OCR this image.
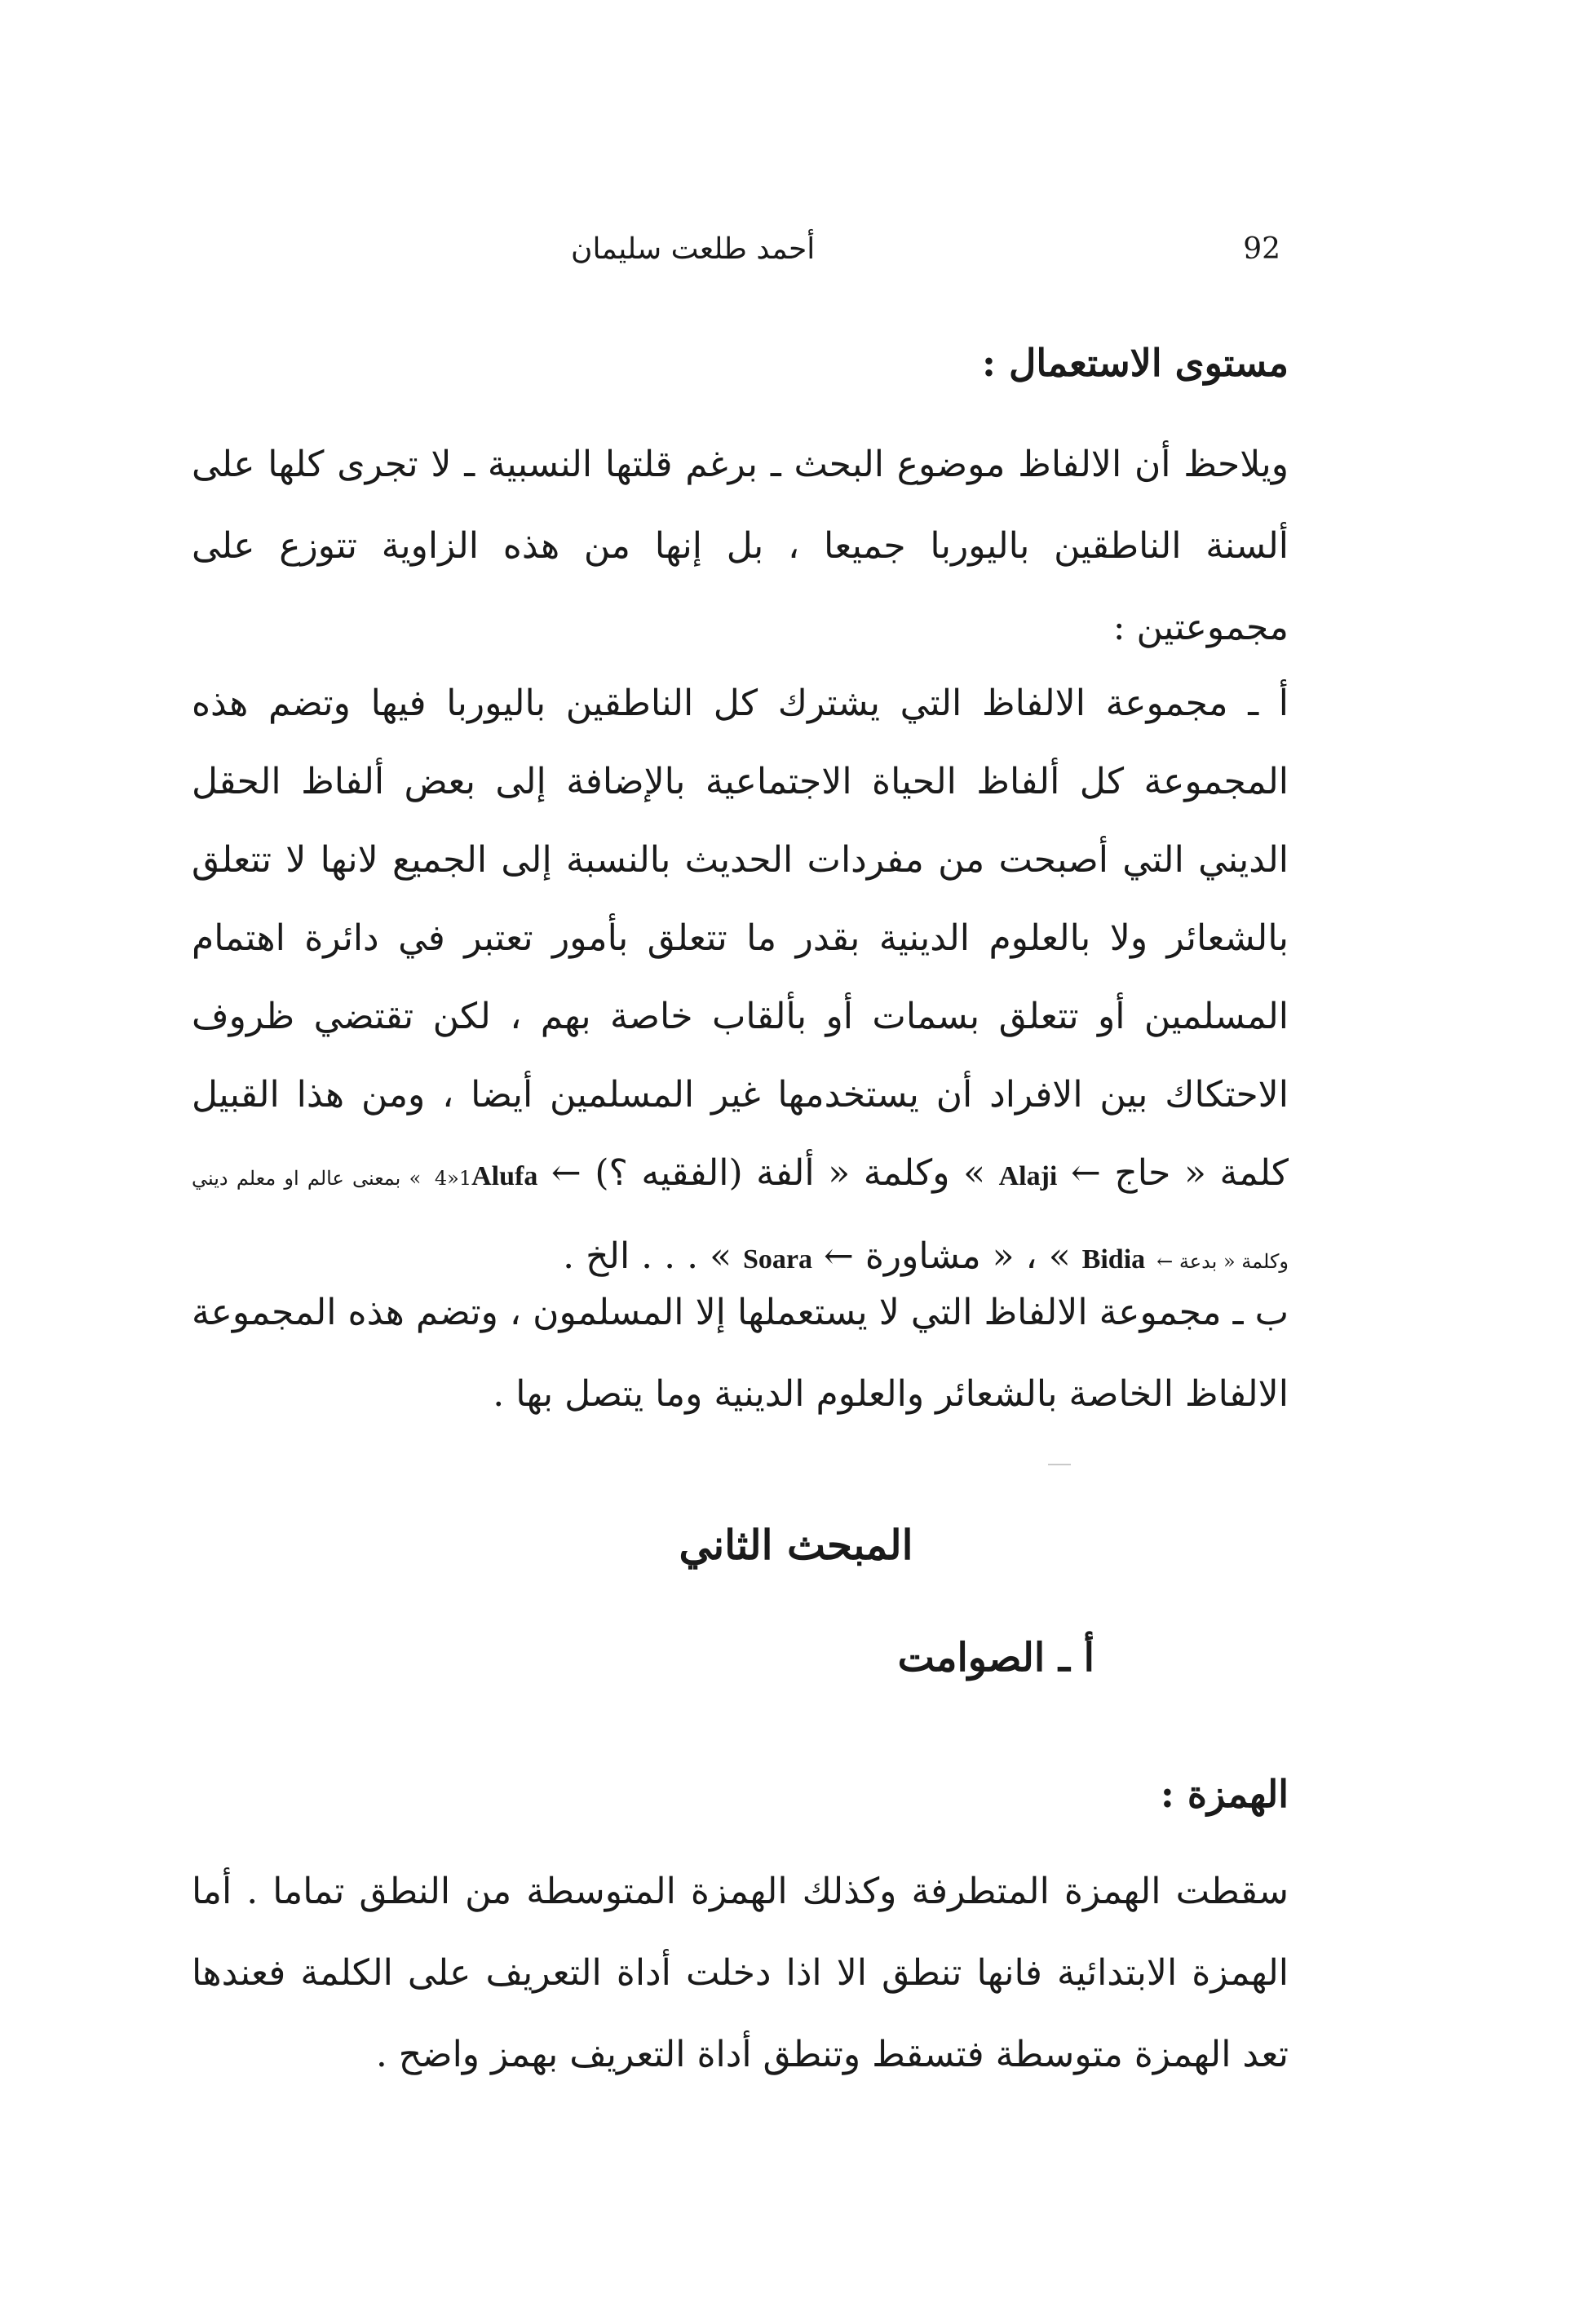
92
أحمد طلعت سليمان
مستوى الاستعمال :
ويلاحظ أن الالفاظ موضوع البحث ـ برغم قلتها النسبية ـ لا تجرى كلها على ألسنة الناطقين باليوربا جميعا ، بل إنها من هذه الزاوية تتوزع على مجموعتين :
أ ـ مجموعة الالفاظ التي يشترك كل الناطقين باليوربا فيها وتضم هذه المجموعة كل ألفاظ الحياة الاجتماعية بالإضافة إلى بعض ألفاظ الحقل الديني التي أصبحت من مفردات الحديث بالنسبة إلى الجميع لانها لا تتعلق بالشعائر ولا بالعلوم الدينية بقدر ما تتعلق بأمور تعتبر في دائرة اهتمام المسلمين أو تتعلق بسمات أو بألقاب خاصة بهم ، لكن تقتضي ظروف الاحتكاك بين الافراد أن يستخدمها غير المسلمين أيضا ، ومن هذا القبيل كلمة « حاج ← Alaji » وكلمة « ألفة (الفقيه ؟) ← Alufa1«4 » بمعنى عالم او معلم ديني وكلمة « بدعة ← Bidia » ، « مشاورة ← Soara » . . . الخ .
ب ـ مجموعة الالفاظ التي لا يستعملها إلا المسلمون ، وتضم هذه المجموعة الالفاظ الخاصة بالشعائر والعلوم الدينية وما يتصل بها .
المبحث الثاني
أ ـ الصوامت
الهمزة :
سقطت الهمزة المتطرفة وكذلك الهمزة المتوسطة من النطق تماما . أما الهمزة الابتدائية فانها تنطق الا اذا دخلت أداة التعريف على الكلمة فعندها تعد الهمزة متوسطة فتسقط وتنطق أداة التعريف بهمز واضح .
